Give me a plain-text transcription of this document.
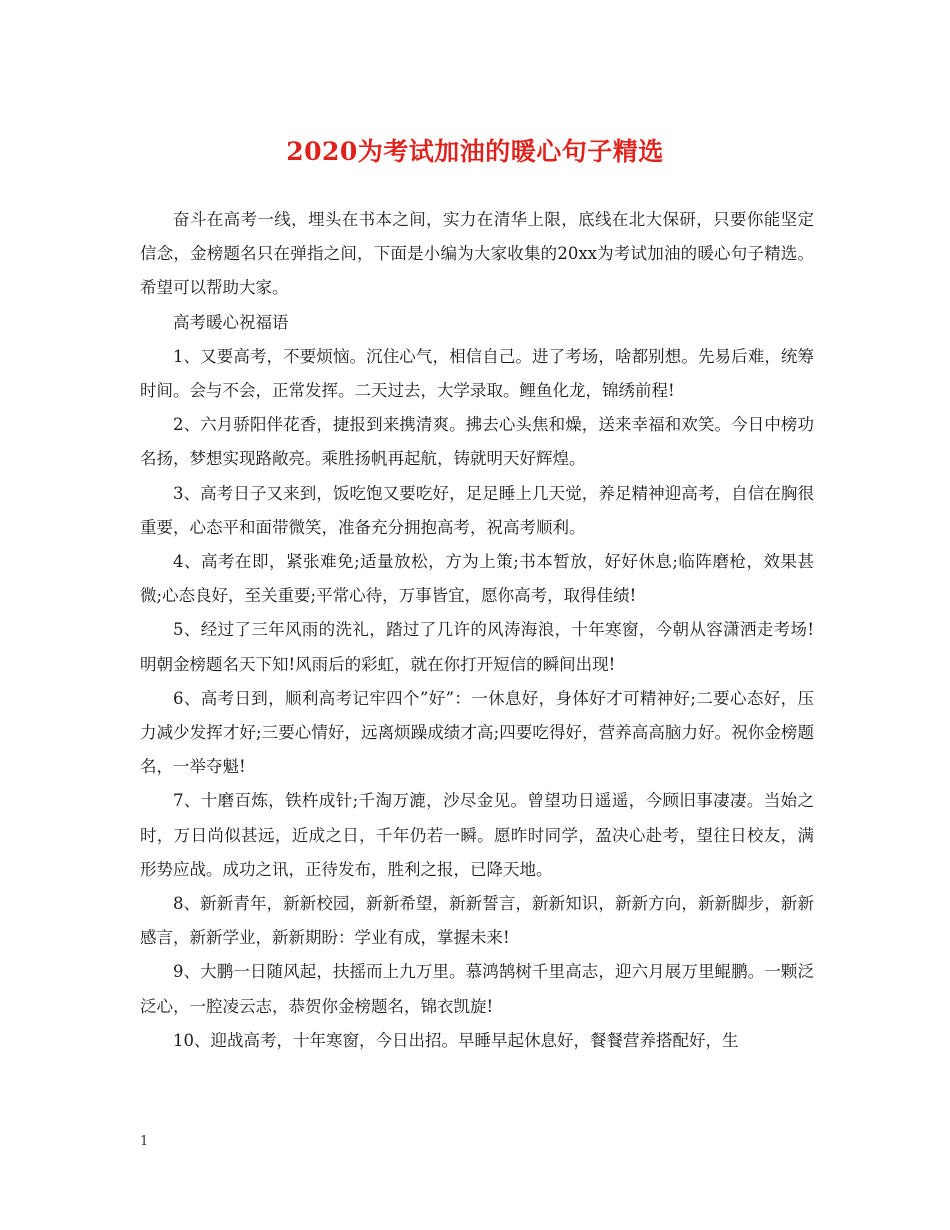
2020为考试加油的暖心句子精选

奋斗在高考一线，埋头在书本之间，实力在清华上限，底线在北大保研，只要你能坚定信念，金榜题名只在弹指之间，下面是小编为大家收集的20xx为考试加油的暖心句子精选。希望可以帮助大家。

高考暖心祝福语

1、又要高考，不要烦恼。沉住心气，相信自己。进了考场，啥都别想。先易后难，统筹时间。会与不会，正常发挥。二天过去，大学录取。鲤鱼化龙，锦绣前程!

2、六月骄阳伴花香，捷报到来携清爽。拂去心头焦和燥，送来幸福和欢笑。今日中榜功名扬，梦想实现路敞亮。乘胜扬帆再起航，铸就明天好辉煌。

3、高考日子又来到，饭吃饱又要吃好，足足睡上几天觉，养足精神迎高考，自信在胸很重要，心态平和面带微笑，准备充分拥抱高考，祝高考顺利。

4、高考在即，紧张难免;适量放松，方为上策;书本暂放，好好休息;临阵磨枪，效果甚微;心态良好，至关重要;平常心待，万事皆宜，愿你高考，取得佳绩!

5、经过了三年风雨的洗礼，踏过了几许的风涛海浪，十年寒窗，今朝从容潇洒走考场!明朝金榜题名天下知!风雨后的彩虹，就在你打开短信的瞬间出现!

6、高考日到，顺利高考记牢四个”好”：一休息好，身体好才可精神好;二要心态好，压力减少发挥才好;三要心情好，远离烦躁成绩才高;四要吃得好，营养高高脑力好。祝你金榜题名，一举夺魁!

7、十磨百炼，铁杵成针;千淘万漉，沙尽金见。曾望功日遥遥，今顾旧事凄凄。当始之时，万日尚似甚远，近成之日，千年仍若一瞬。愿昨时同学，盈决心赴考，望往日校友，满形势应战。成功之讯，正待发布，胜利之报，已降天地。

8、新新青年，新新校园，新新希望，新新誓言，新新知识，新新方向，新新脚步，新新感言，新新学业，新新期盼：学业有成，掌握未来!

9、大鹏一日随风起，扶摇而上九万里。慕鸿鹄树千里高志，迎六月展万里鲲鹏。一颗泛泛心，一腔凌云志，恭贺你金榜题名，锦衣凯旋!

10、迎战高考，十年寒窗，今日出招。早睡早起休息好，餐餐营养搭配好，生

1
